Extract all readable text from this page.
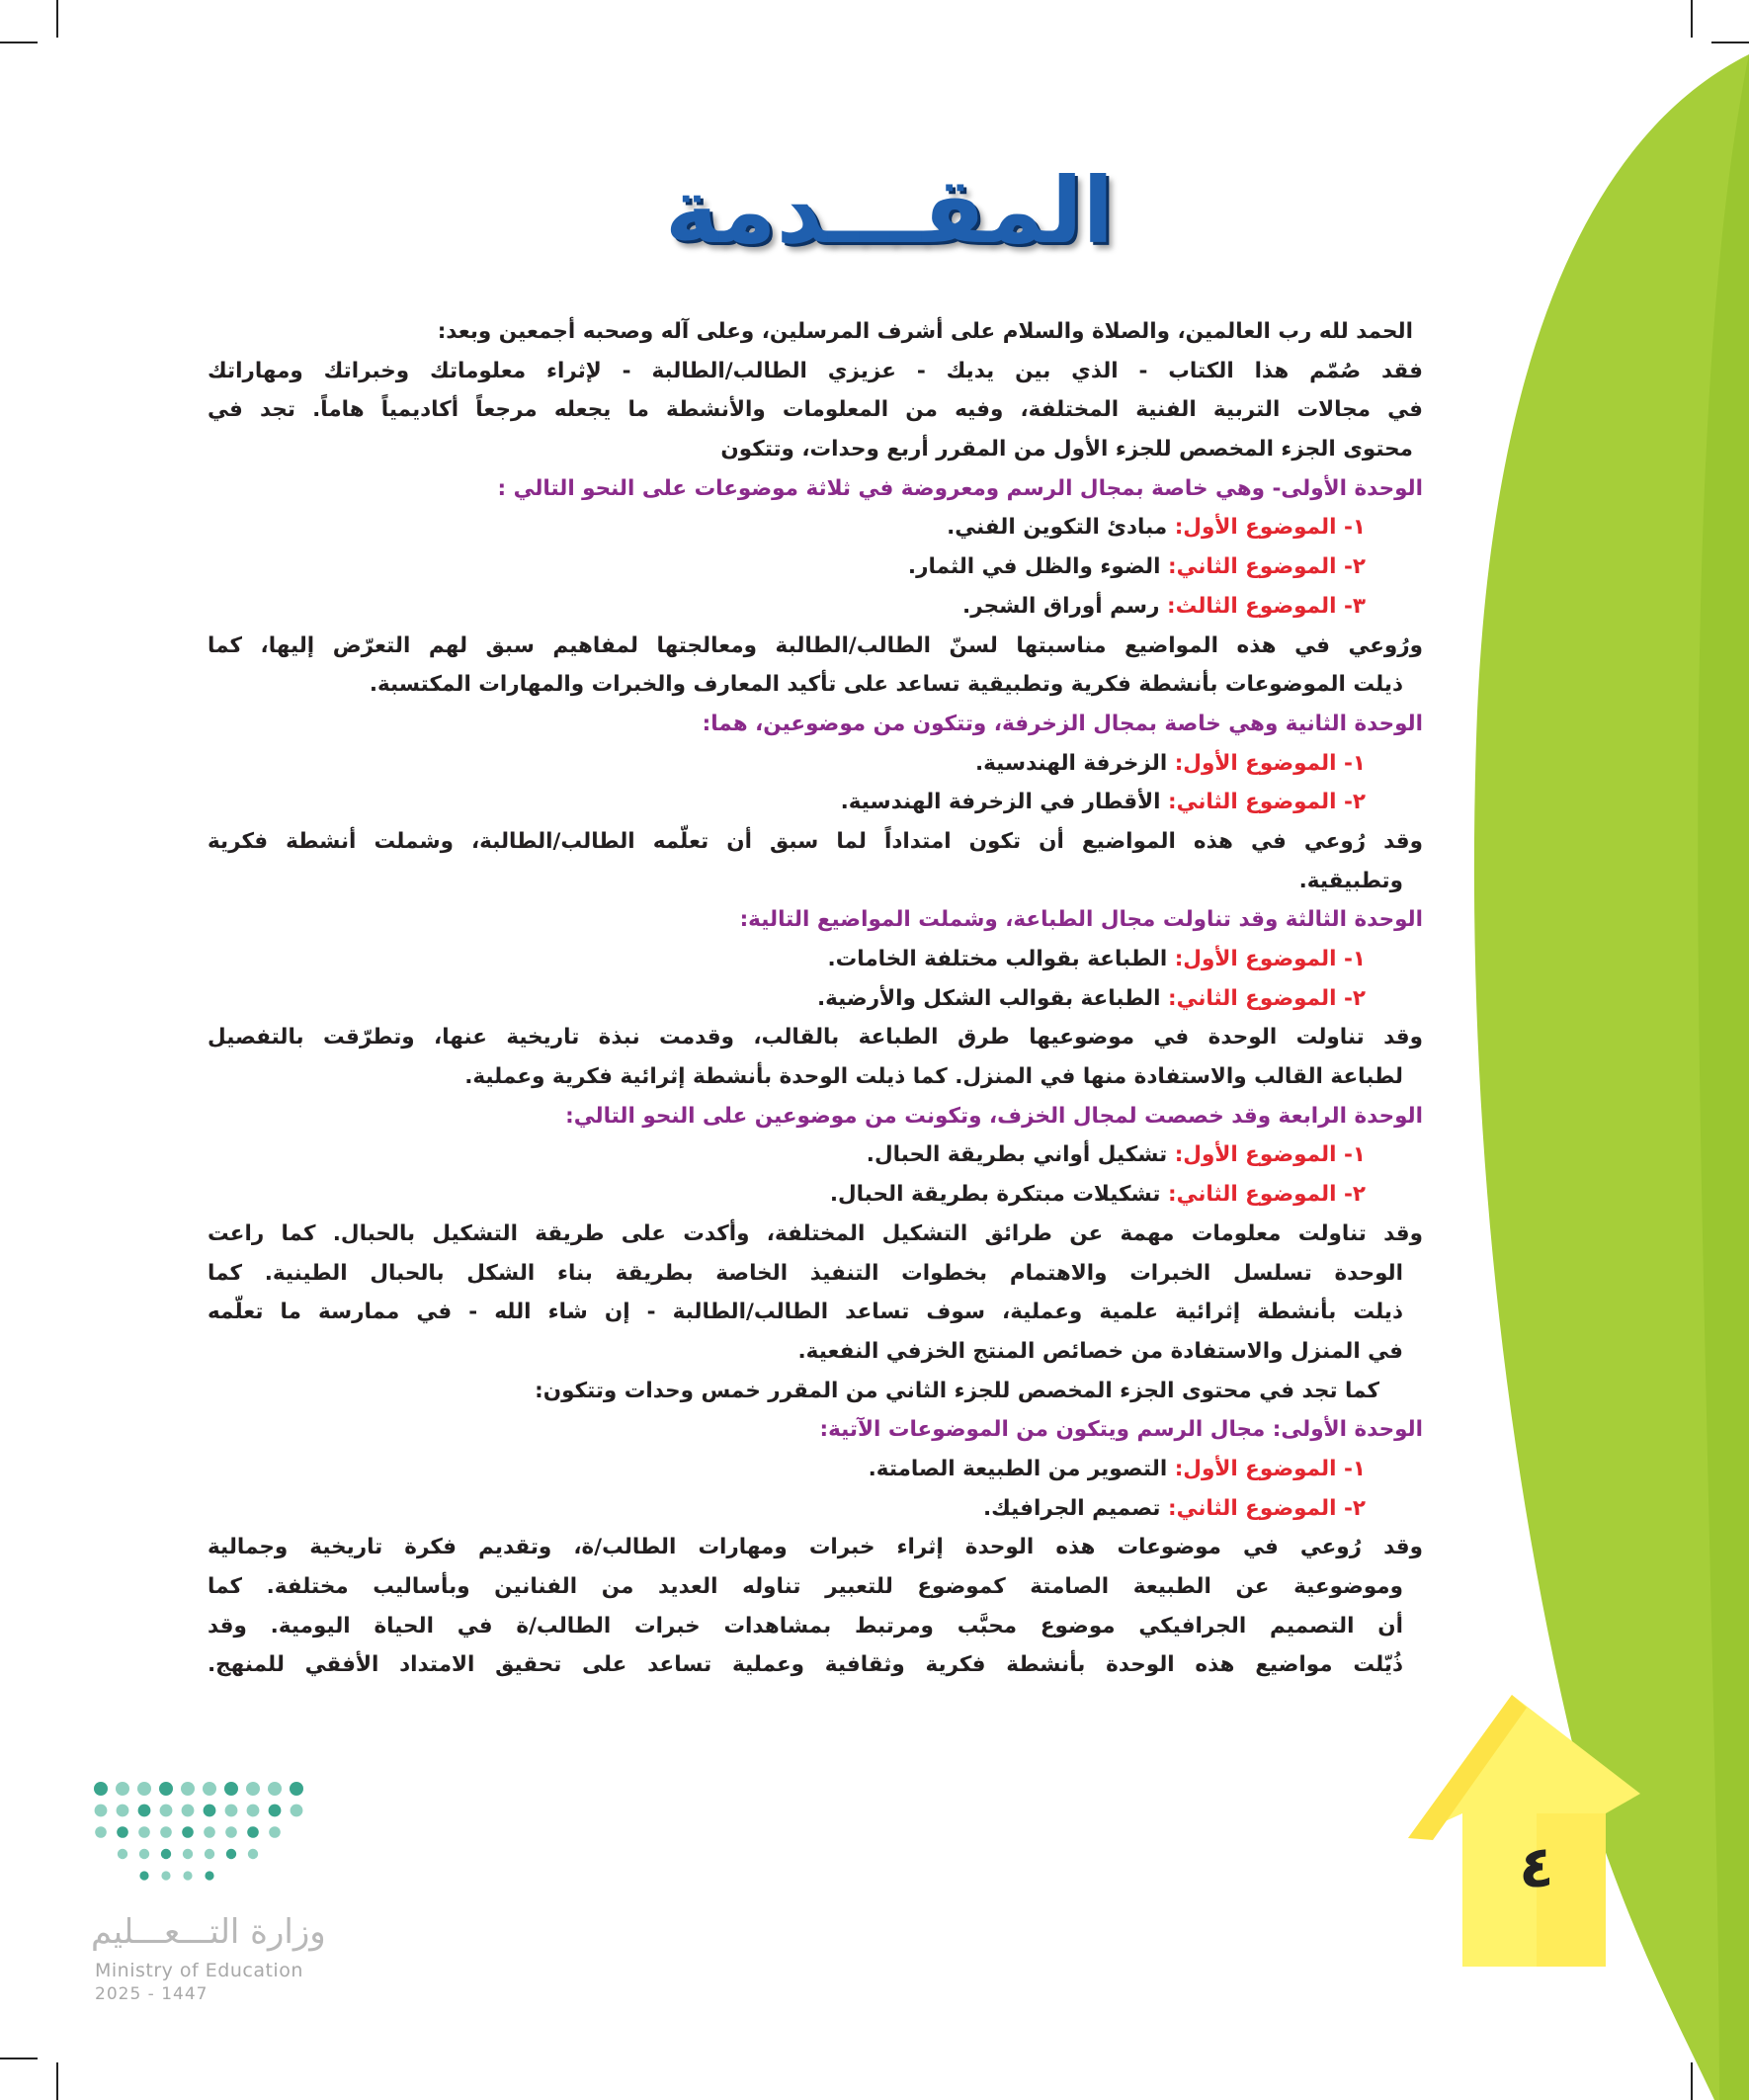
المقـــدمة
الحمد لله رب العالمين، والصلاة والسلام على أشرف المرسلين، وعلى آله وصحبه أجمعين وبعد:
فقد صُمّم هذا الكتاب - الذي بين يديك - عزيزي الطالب/الطالبة - لإثراء معلوماتك وخبراتك ومهاراتك
في مجالات التربية الفنية المختلفة، وفيه من المعلومات والأنشطة ما يجعله مرجعاً أكاديمياً هاماً. تجد في
محتوى الجزء المخصص للجزء الأول من المقرر أربع وحدات، وتتكون
الوحدة الأولى- وهي خاصة بمجال الرسم ومعروضة في ثلاثة موضوعات على النحو التالي :
١- الموضوع الأول: مبادئ التكوين الفني.
٢- الموضوع الثاني: الضوء والظل في الثمار.
٣- الموضوع الثالث: رسم أوراق الشجر.
ورُوعي في هذه المواضيع مناسبتها لسنّ الطالب/الطالبة ومعالجتها لمفاهيم سبق لهم التعرّض إليها، كما
ذيلت الموضوعات بأنشطة فكرية وتطبيقية تساعد على تأكيد المعارف والخبرات والمهارات المكتسبة.
الوحدة الثانية وهي خاصة بمجال الزخرفة، وتتكون من موضوعين، هما:
١- الموضوع الأول: الزخرفة الهندسية.
٢- الموضوع الثاني: الأقطار في الزخرفة الهندسية.
وقد رُوعي في هذه المواضيع أن تكون امتداداً لما سبق أن تعلّمه الطالب/الطالبة، وشملت أنشطة فكرية
وتطبيقية.
الوحدة الثالثة وقد تناولت مجال الطباعة، وشملت المواضيع التالية:
١- الموضوع الأول: الطباعة بقوالب مختلفة الخامات.
٢- الموضوع الثاني: الطباعة بقوالب الشكل والأرضية.
وقد تناولت الوحدة في موضوعيها طرق الطباعة بالقالب، وقدمت نبذة تاريخية عنها، وتطرّقت بالتفصيل
لطباعة القالب والاستفادة منها في المنزل. كما ذيلت الوحدة بأنشطة إثرائية فكرية وعملية.
الوحدة الرابعة وقد خصصت لمجال الخزف، وتكونت من موضوعين على النحو التالي:
١- الموضوع الأول: تشكيل أواني بطريقة الحبال.
٢- الموضوع الثاني: تشكيلات مبتكرة بطريقة الحبال.
وقد تناولت معلومات مهمة عن طرائق التشكيل المختلفة، وأكدت على طريقة التشكيل بالحبال. كما راعت
الوحدة تسلسل الخبرات والاهتمام بخطوات التنفيذ الخاصة بطريقة بناء الشكل بالحبال الطينية. كما
ذيلت بأنشطة إثرائية علمية وعملية، سوف تساعد الطالب/الطالبة - إن شاء الله - في ممارسة ما تعلّمه
في المنزل والاستفادة من خصائص المنتج الخزفي النفعية.
كما تجد في محتوى الجزء المخصص للجزء الثاني من المقرر خمس وحدات وتتكون:
الوحدة الأولى: مجال الرسم ويتكون من الموضوعات الآتية:
١- الموضوع الأول: التصوير من الطبيعة الصامتة.
٢- الموضوع الثاني: تصميم الجرافيك.
وقد رُوعي في موضوعات هذه الوحدة إثراء خبرات ومهارات الطالب/ة، وتقديم فكرة تاريخية وجمالية
وموضوعية عن الطبيعة الصامتة كموضوع للتعبير تناوله العديد من الفنانين وبأساليب مختلفة. كما
أن التصميم الجرافيكي موضوع محبَّب ومرتبط بمشاهدات خبرات الطالب/ة في الحياة اليومية. وقد
ذُيّلت مواضيع هذه الوحدة بأنشطة فكرية وثقافية وعملية تساعد على تحقيق الامتداد الأفقي للمنهج.
وزارة التـــعـــليم
Ministry of Education
2025 - 1447
٤
